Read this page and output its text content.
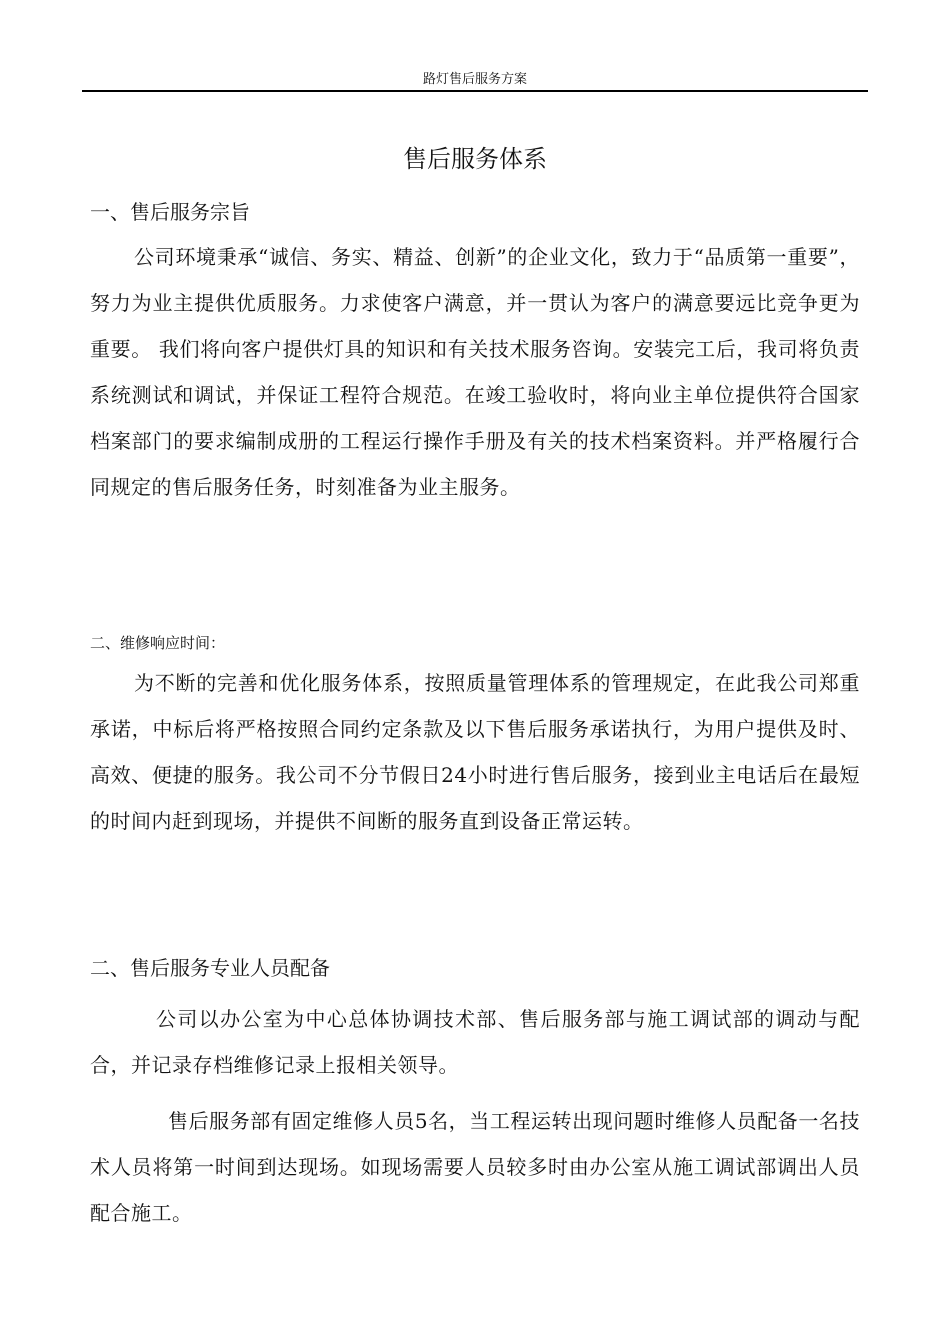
路灯售后服务方案
售后服务体系
一、售后服务宗旨

公司环境秉承“诚信、务实、精益、创新”的企业文化，致力于“品质第一重要”，努力为业主提供优质服务。力求使客户满意，并一贯认为客户的满意要远比竞争更为重要。 我们将向客户提供灯具的知识和有关技术服务咨询。安装完工后，我司将负责系统测试和调试，并保证工程符合规范。在竣工验收时，将向业主单位提供符合国家档案部门的要求编制成册的工程运行操作手册及有关的技术档案资料。并严格履行合同规定的售后服务任务，时刻准备为业主服务。

二、维修响应时间：

为不断的完善和优化服务体系，按照质量管理体系的管理规定，在此我公司郑重承诺，中标后将严格按照合同约定条款及以下售后服务承诺执行，为用户提供及时、高效、便捷的服务。我公司不分节假日24小时进行售后服务，接到业主电话后在最短的时间内赶到现场，并提供不间断的服务直到设备正常运转。

二、售后服务专业人员配备

公司以办公室为中心总体协调技术部、售后服务部与施工调试部的调动与配合，并记录存档维修记录上报相关领导。

售后服务部有固定维修人员5名，当工程运转出现问题时维修人员配备一名技术人员将第一时间到达现场。如现场需要人员较多时由办公室从施工调试部调出人员配合施工。
